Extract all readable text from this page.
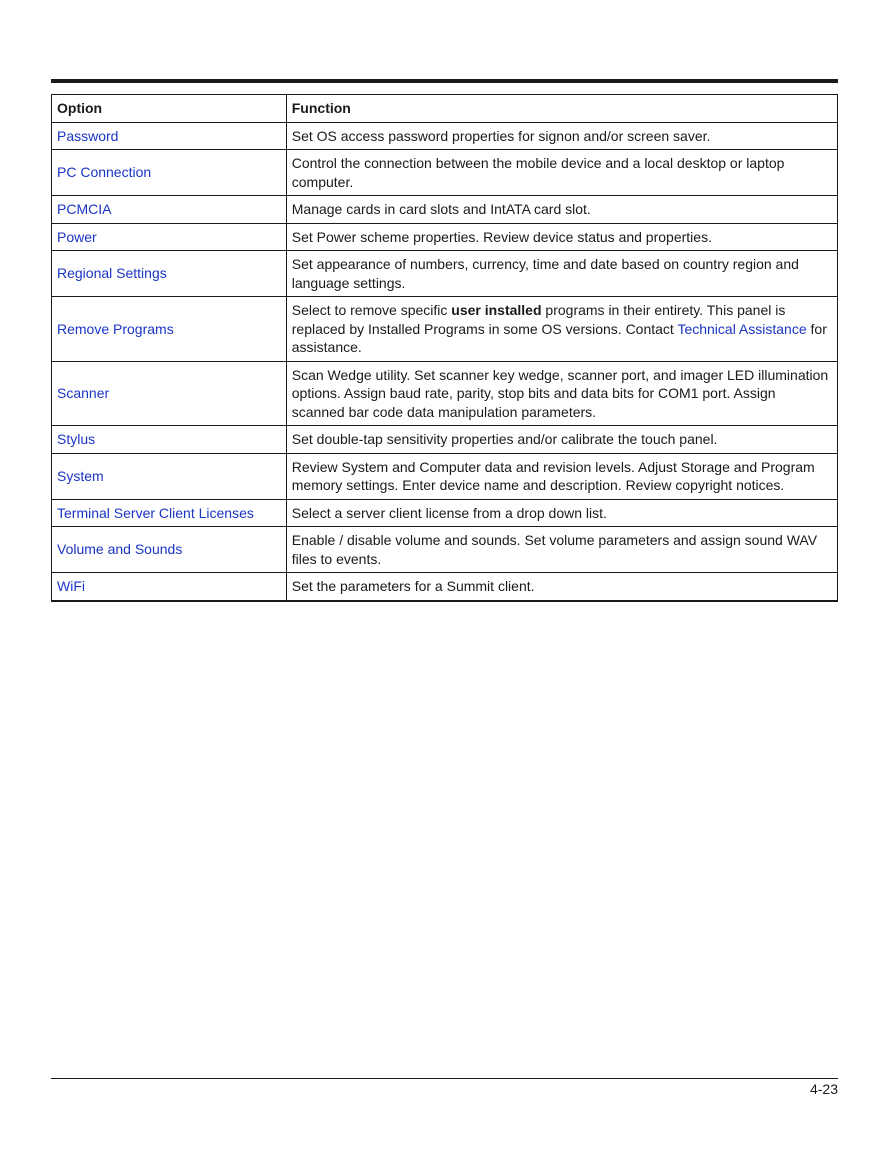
Option	Function
Password	Set OS access password properties for signon and/or screen saver.
PC Connection	Control the connection between the mobile device and a local desktop or laptop computer.
PCMCIA	Manage cards in card slots and IntATA card slot.
Power	Set Power scheme properties. Review device status and properties.
Regional Settings	Set appearance of numbers, currency, time and date based on country region and language settings.
Remove Programs	Select to remove specific user installed programs in their entirety. This panel is replaced by Installed Programs in some OS versions. Contact Technical Assistance for assistance.
Scanner	Scan Wedge utility. Set scanner key wedge, scanner port, and imager LED illumination options. Assign baud rate, parity, stop bits and data bits for COM1 port. Assign scanned bar code data manipulation parameters.
Stylus	Set double-tap sensitivity properties and/or calibrate the touch panel.
System	Review System and Computer data and revision levels. Adjust Storage and Program memory settings. Enter device name and description. Review copyright notices.
Terminal Server Client Licenses	Select a server client license from a drop down list.
Volume and Sounds	Enable / disable volume and sounds. Set volume parameters and assign sound WAV files to events.
WiFi	Set the parameters for a Summit client.
4-23
